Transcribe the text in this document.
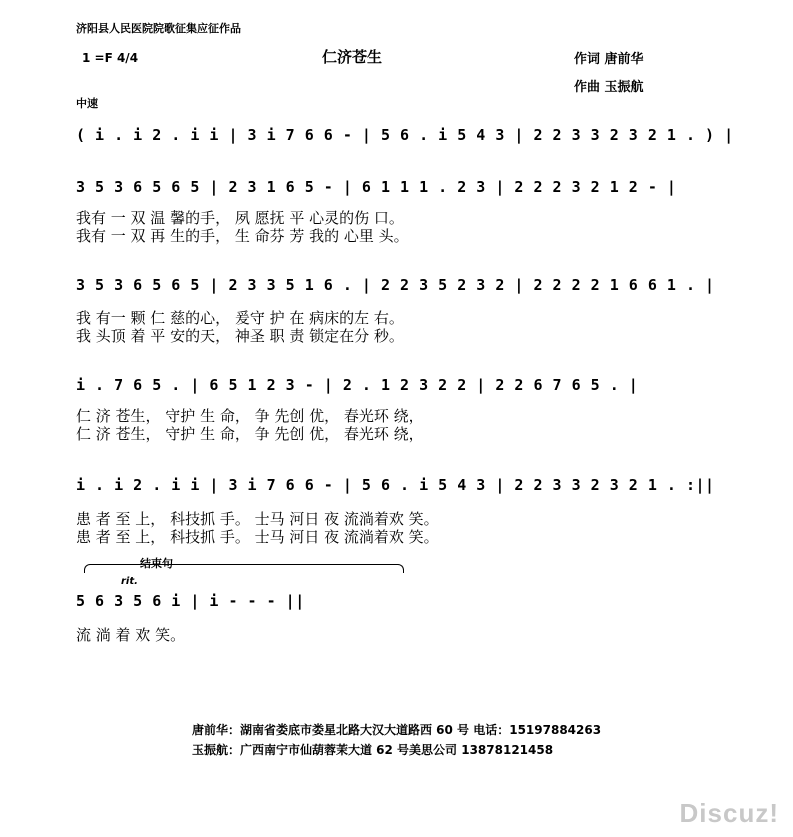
济阳县人民医院院歌征集应征作品
仁济苍生	作词 唐前华
作曲 玉振航
1 =F 4/4
中速
( i . i 2 . i i | 3 i 7 6 6 - | 5 6 . i 5 4 3 | 2 2 3 3 2 3 2 1 . ) |
3 5 3 6 5 6 5 | 2 3 1 6 5 - | 6 1 1 1 . 2 3 | 2 2 2 3 2 1 2 - |
我有 一 双 温 馨的手， 夙 愿抚 平 心灵的伤 口。
我有 一 双 再 生的手， 生 命芬 芳 我的 心里 头。
3 5 3 6 5 6 5 | 2 3 3 5 1 6 . | 2 2 3 5 2 3 2 | 2 2 2 2 1 6 6 1 . |
我 有一 颗 仁 慈的心， 爰守 护 在 病床的左 右。
我 头顶 着 平 安的天， 神圣 职 责 锁定在分 秒。
i . 7 6 5 . | 6 5 1 2 3 - | 2 . 1 2 3 2 2 | 2 2 6 7 6 5 . |
仁 济 苍生， 守护 生 命， 争 先创 优， 春光环 绕，
仁 济 苍生， 守护 生 命， 争 先创 优， 春光环 绕，
i . i 2 . i i | 3 i 7 6 6 - | 5 6 . i 5 4 3 | 2 2 3 3 2 3 2 1 . :||
患 者 至 上， 科技抓 手。 士马 河日 夜 流淌着欢 笑。
患 者 至 上， 科技抓 手。 士马 河日 夜 流淌着欢 笑。
结束句
rit.
5 6 3 5 6 i | i - - - ||
流 淌 着 欢 笑。
唐前华：湖南省娄底市娄星北路大汉大道路西 60 号 电话：15197884263
玉振航：广西南宁市仙葫蓉茉大道 62 号美思公司 13878121458
Discuz!
